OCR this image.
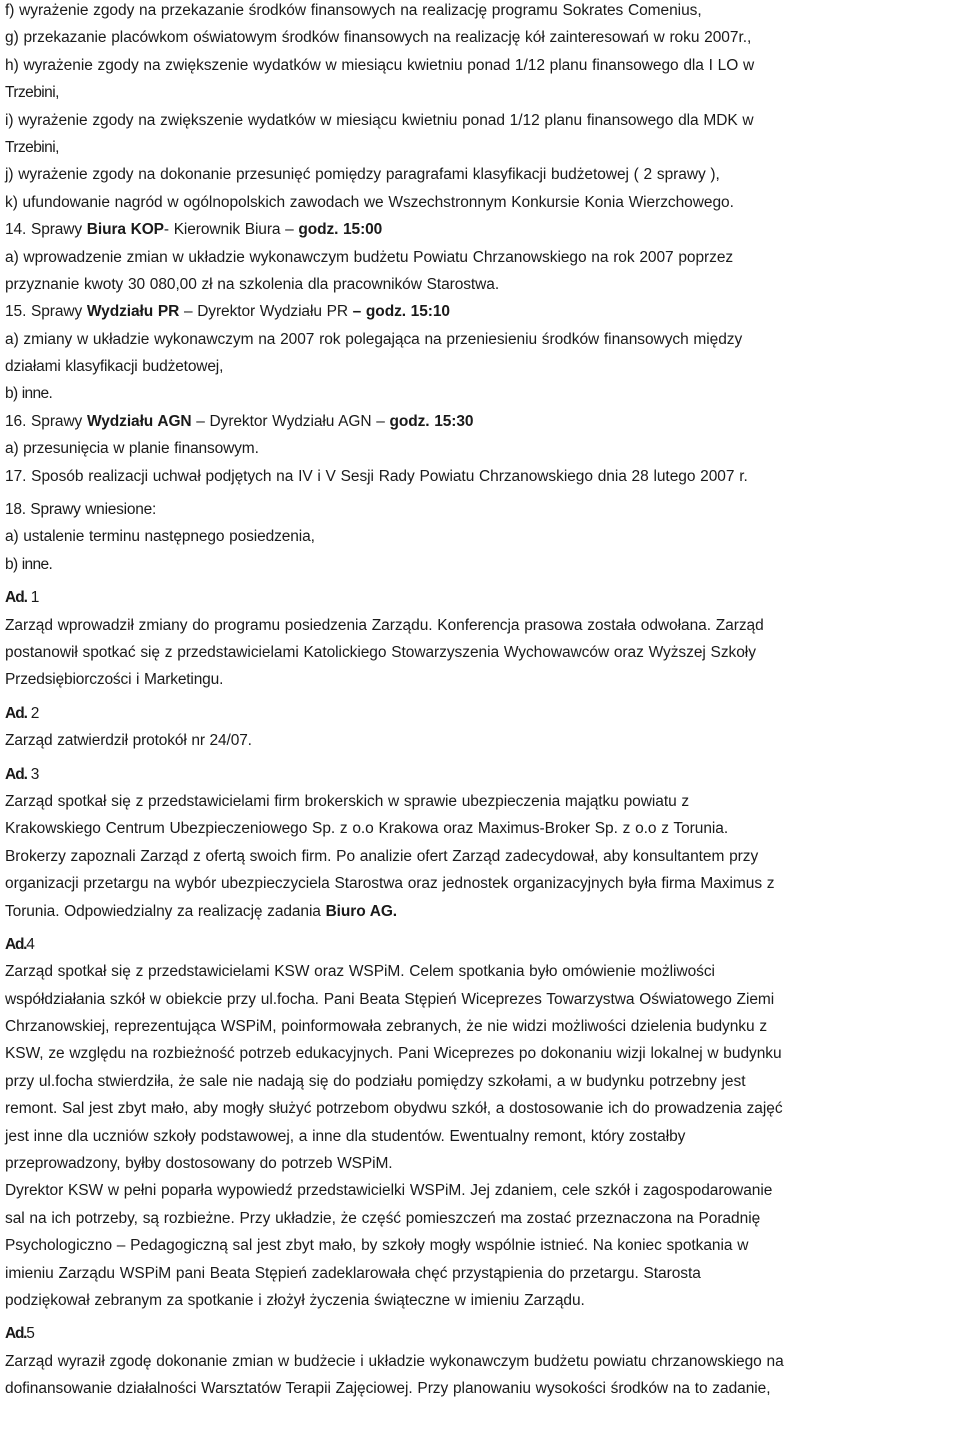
f) wyrażenie zgody na przekazanie środków finansowych na realizację programu Sokrates Comenius,
g) przekazanie placówkom oświatowym środków finansowych na realizację kół zainteresowań w roku 2007r.,
h) wyrażenie zgody na zwiększenie wydatków w miesiącu kwietniu ponad 1/12 planu finansowego dla I LO w
Trzebini,
i) wyrażenie zgody na zwiększenie wydatków w miesiącu kwietniu ponad 1/12 planu finansowego dla MDK w
Trzebini,
j) wyrażenie zgody na dokonanie przesunięć pomiędzy paragrafami klasyfikacji budżetowej ( 2 sprawy ),
k) ufundowanie nagród w ogólnopolskich zawodach we Wszechstronnym Konkursie Konia Wierzchowego.
14. Sprawy Biura KOP- Kierownik Biura – godz. 15:00
a) wprowadzenie zmian w układzie wykonawczym budżetu Powiatu Chrzanowskiego na rok 2007 poprzez
przyznanie kwoty 30 080,00 zł na szkolenia dla pracowników Starostwa.
15. Sprawy Wydziału PR – Dyrektor Wydziału PR – godz. 15:10
a) zmiany w układzie wykonawczym na 2007 rok polegająca na przeniesieniu środków finansowych między
działami klasyfikacji budżetowej,
b) inne.
16. Sprawy Wydziału AGN – Dyrektor Wydziału AGN – godz. 15:30
a) przesunięcia w planie finansowym.
17. Sposób realizacji uchwał podjętych na IV i V Sesji Rady Powiatu Chrzanowskiego dnia 28 lutego 2007 r.
18. Sprawy wniesione:
a) ustalenie terminu następnego posiedzenia,
b) inne.
Ad. 1
Zarząd wprowadził zmiany do programu posiedzenia Zarządu. Konferencja prasowa została odwołana. Zarząd
postanowił spotkać się z przedstawicielami Katolickiego Stowarzyszenia Wychowawców oraz Wyższej Szkoły
Przedsiębiorczości i Marketingu.
Ad. 2
Zarząd zatwierdził protokół nr 24/07.
Ad. 3
Zarząd spotkał się z przedstawicielami firm brokerskich w sprawie ubezpieczenia majątku powiatu z
Krakowskiego Centrum Ubezpieczeniowego Sp. z o.o Krakowa oraz Maximus-Broker Sp. z o.o z Torunia.
Brokerzy zapoznali Zarząd z ofertą swoich firm. Po analizie ofert Zarząd zadecydował, aby konsultantem przy
organizacji przetargu na wybór ubezpieczyciela Starostwa oraz jednostek organizacyjnych była firma Maximus z
Torunia. Odpowiedzialny za realizację zadania Biuro AG.
Ad.4
Zarząd spotkał się z przedstawicielami KSW oraz WSPiM. Celem spotkania było omówienie możliwości
współdziałania szkół w obiekcie przy ul.focha. Pani Beata Stępień Wiceprezes Towarzystwa Oświatowego Ziemi
Chrzanowskiej, reprezentująca WSPiM, poinformowała zebranych, że nie widzi możliwości dzielenia budynku z
KSW, ze względu na rozbieżność potrzeb edukacyjnych. Pani Wiceprezes po dokonaniu wizji lokalnej w budynku
przy ul.focha stwierdziła, że sale nie nadają się do podziału pomiędzy szkołami, a w budynku potrzebny jest
remont. Sal jest zbyt mało, aby mogły służyć potrzebom obydwu szkół, a dostosowanie ich do prowadzenia zajęć
jest inne dla uczniów szkoły podstawowej, a inne dla studentów. Ewentualny remont, który zostałby
przeprowadzony, byłby dostosowany do potrzeb WSPiM.
Dyrektor KSW w pełni poparła wypowiedź przedstawicielki WSPiM. Jej zdaniem, cele szkół i zagospodarowanie
sal na ich potrzeby, są rozbieżne. Przy układzie, że część pomieszczeń ma zostać przeznaczona na Poradnię
Psychologiczno – Pedagogiczną sal jest zbyt mało, by szkoły mogły wspólnie istnieć. Na koniec spotkania w
imieniu Zarządu WSPiM pani Beata Stępień zadeklarowała chęć przystąpienia do przetargu. Starosta
podziękował zebranym za spotkanie i złożył życzenia świąteczne w imieniu Zarządu.
Ad.5
Zarząd wyraził zgodę dokonanie zmian w budżecie i układzie wykonawczym budżetu powiatu chrzanowskiego na
dofinansowanie działalności Warsztatów Terapii Zajęciowej. Przy planowaniu wysokości środków na to zadanie,
